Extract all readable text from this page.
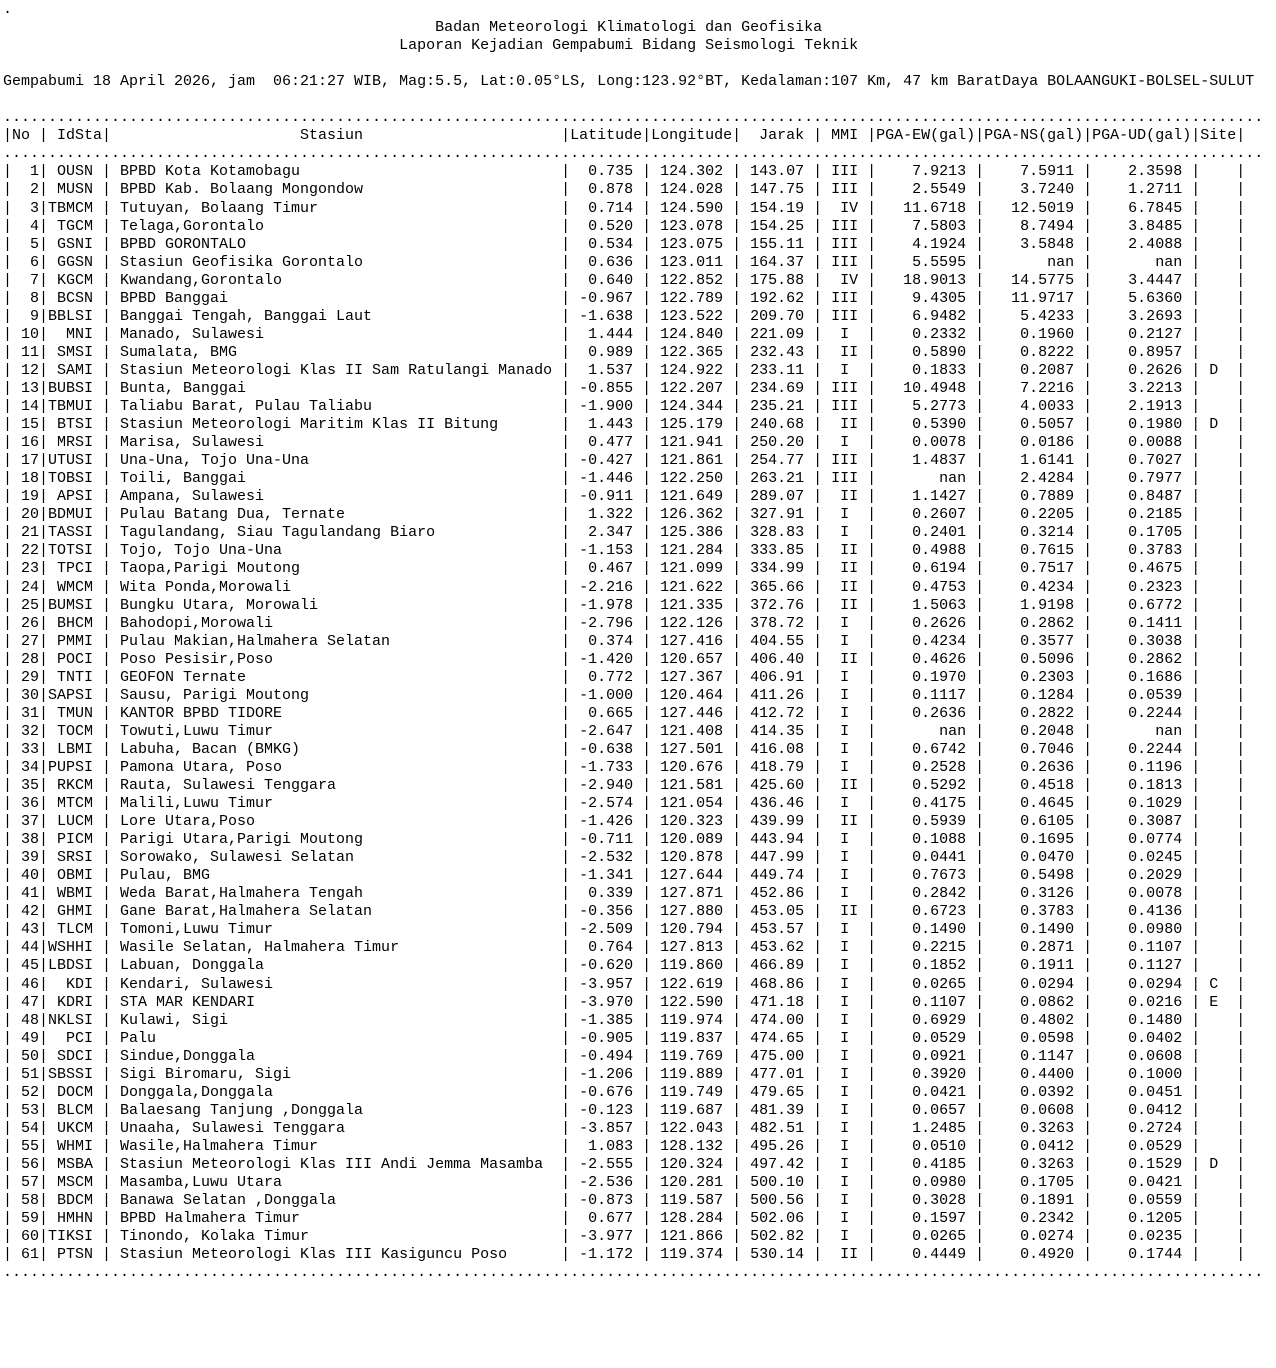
.
Badan Meteorologi Klimatologi dan Geofisika
Laporan Kejadian Gempabumi Bidang Seismologi Teknik
Gempabumi 18 April 2026, jam  06:21:27 WIB, Mag:5.5, Lat:0.05°LS, Long:123.92°BT, Kedalaman:107 Km, 47 km BaratDaya BOLAANGUKI-BOLSEL-SULUT
............................................................................................................................................
|No | IdSta|                     Stasiun                      |Latitude|Longitude|  Jarak | MMI |PGA-EW(gal)|PGA-NS(gal)|PGA-UD(gal)|Site|
............................................................................................................................................
|  1| OUSN | BPBD Kota Kotamobagu                             |  0.735 | 124.302 | 143.07 | III |    7.9213 |    7.5911 |    2.3598 |    |
|  2| MUSN | BPBD Kab. Bolaang Mongondow                      |  0.878 | 124.028 | 147.75 | III |    2.5549 |    3.7240 |    1.2711 |    |
|  3|TBMCM | Tutuyan, Bolaang Timur                           |  0.714 | 124.590 | 154.19 |  IV |   11.6718 |   12.5019 |    6.7845 |    |
|  4| TGCM | Telaga,Gorontalo                                 |  0.520 | 123.078 | 154.25 | III |    7.5803 |    8.7494 |    3.8485 |    |
|  5| GSNI | BPBD GORONTALO                                   |  0.534 | 123.075 | 155.11 | III |    4.1924 |    3.5848 |    2.4088 |    |
|  6| GGSN | Stasiun Geofisika Gorontalo                      |  0.636 | 123.011 | 164.37 | III |    5.5595 |       nan |       nan |    |
|  7| KGCM | Kwandang,Gorontalo                               |  0.640 | 122.852 | 175.88 |  IV |   18.9013 |   14.5775 |    3.4447 |    |
|  8| BCSN | BPBD Banggai                                     | -0.967 | 122.789 | 192.62 | III |    9.4305 |   11.9717 |    5.6360 |    |
|  9|BBLSI | Banggai Tengah, Banggai Laut                     | -1.638 | 123.522 | 209.70 | III |    6.9482 |    5.4233 |    3.2693 |    |
| 10|  MNI | Manado, Sulawesi                                 |  1.444 | 124.840 | 221.09 |  I  |    0.2332 |    0.1960 |    0.2127 |    |
| 11| SMSI | Sumalata, BMG                                    |  0.989 | 122.365 | 232.43 |  II |    0.5890 |    0.8222 |    0.8957 |    |
| 12| SAMI | Stasiun Meteorologi Klas II Sam Ratulangi Manado |  1.537 | 124.922 | 233.11 |  I  |    0.1833 |    0.2087 |    0.2626 | D  |
| 13|BUBSI | Bunta, Banggai                                   | -0.855 | 122.207 | 234.69 | III |   10.4948 |    7.2216 |    3.2213 |    |
| 14|TBMUI | Taliabu Barat, Pulau Taliabu                     | -1.900 | 124.344 | 235.21 | III |    5.2773 |    4.0033 |    2.1913 |    |
| 15| BTSI | Stasiun Meteorologi Maritim Klas II Bitung       |  1.443 | 125.179 | 240.68 |  II |    0.5390 |    0.5057 |    0.1980 | D  |
| 16| MRSI | Marisa, Sulawesi                                 |  0.477 | 121.941 | 250.20 |  I  |    0.0078 |    0.0186 |    0.0088 |    |
| 17|UTUSI | Una-Una, Tojo Una-Una                            | -0.427 | 121.861 | 254.77 | III |    1.4837 |    1.6141 |    0.7027 |    |
| 18|TOBSI | Toili, Banggai                                   | -1.446 | 122.250 | 263.21 | III |       nan |    2.4284 |    0.7977 |    |
| 19| APSI | Ampana, Sulawesi                                 | -0.911 | 121.649 | 289.07 |  II |    1.1427 |    0.7889 |    0.8487 |    |
| 20|BDMUI | Pulau Batang Dua, Ternate                        |  1.322 | 126.362 | 327.91 |  I  |    0.2607 |    0.2205 |    0.2185 |    |
| 21|TASSI | Tagulandang, Siau Tagulandang Biaro              |  2.347 | 125.386 | 328.83 |  I  |    0.2401 |    0.3214 |    0.1705 |    |
| 22|TOTSI | Tojo, Tojo Una-Una                               | -1.153 | 121.284 | 333.85 |  II |    0.4988 |    0.7615 |    0.3783 |    |
| 23| TPCI | Taopa,Parigi Moutong                             |  0.467 | 121.099 | 334.99 |  II |    0.6194 |    0.7517 |    0.4675 |    |
| 24| WMCM | Wita Ponda,Morowali                              | -2.216 | 121.622 | 365.66 |  II |    0.4753 |    0.4234 |    0.2323 |    |
| 25|BUMSI | Bungku Utara, Morowali                           | -1.978 | 121.335 | 372.76 |  II |    1.5063 |    1.9198 |    0.6772 |    |
| 26| BHCM | Bahodopi,Morowali                                | -2.796 | 122.126 | 378.72 |  I  |    0.2626 |    0.2862 |    0.1411 |    |
| 27| PMMI | Pulau Makian,Halmahera Selatan                   |  0.374 | 127.416 | 404.55 |  I  |    0.4234 |    0.3577 |    0.3038 |    |
| 28| POCI | Poso Pesisir,Poso                                | -1.420 | 120.657 | 406.40 |  II |    0.4626 |    0.5096 |    0.2862 |    |
| 29| TNTI | GEOFON Ternate                                   |  0.772 | 127.367 | 406.91 |  I  |    0.1970 |    0.2303 |    0.1686 |    |
| 30|SAPSI | Sausu, Parigi Moutong                            | -1.000 | 120.464 | 411.26 |  I  |    0.1117 |    0.1284 |    0.0539 |    |
| 31| TMUN | KANTOR BPBD TIDORE                               |  0.665 | 127.446 | 412.72 |  I  |    0.2636 |    0.2822 |    0.2244 |    |
| 32| TOCM | Towuti,Luwu Timur                                | -2.647 | 121.408 | 414.35 |  I  |       nan |    0.2048 |       nan |    |
| 33| LBMI | Labuha, Bacan (BMKG)                             | -0.638 | 127.501 | 416.08 |  I  |    0.6742 |    0.7046 |    0.2244 |    |
| 34|PUPSI | Pamona Utara, Poso                               | -1.733 | 120.676 | 418.79 |  I  |    0.2528 |    0.2636 |    0.1196 |    |
| 35| RKCM | Rauta, Sulawesi Tenggara                         | -2.940 | 121.581 | 425.60 |  II |    0.5292 |    0.4518 |    0.1813 |    |
| 36| MTCM | Malili,Luwu Timur                                | -2.574 | 121.054 | 436.46 |  I  |    0.4175 |    0.4645 |    0.1029 |    |
| 37| LUCM | Lore Utara,Poso                                  | -1.426 | 120.323 | 439.99 |  II |    0.5939 |    0.6105 |    0.3087 |    |
| 38| PICM | Parigi Utara,Parigi Moutong                      | -0.711 | 120.089 | 443.94 |  I  |    0.1088 |    0.1695 |    0.0774 |    |
| 39| SRSI | Sorowako, Sulawesi Selatan                       | -2.532 | 120.878 | 447.99 |  I  |    0.0441 |    0.0470 |    0.0245 |    |
| 40| OBMI | Pulau, BMG                                       | -1.341 | 127.644 | 449.74 |  I  |    0.7673 |    0.5498 |    0.2029 |    |
| 41| WBMI | Weda Barat,Halmahera Tengah                      |  0.339 | 127.871 | 452.86 |  I  |    0.2842 |    0.3126 |    0.0078 |    |
| 42| GHMI | Gane Barat,Halmahera Selatan                     | -0.356 | 127.880 | 453.05 |  II |    0.6723 |    0.3783 |    0.4136 |    |
| 43| TLCM | Tomoni,Luwu Timur                                | -2.509 | 120.794 | 453.57 |  I  |    0.1490 |    0.1490 |    0.0980 |    |
| 44|WSHHI | Wasile Selatan, Halmahera Timur                  |  0.764 | 127.813 | 453.62 |  I  |    0.2215 |    0.2871 |    0.1107 |    |
| 45|LBDSI | Labuan, Donggala                                 | -0.620 | 119.860 | 466.89 |  I  |    0.1852 |    0.1911 |    0.1127 |    |
| 46|  KDI | Kendari, Sulawesi                                | -3.957 | 122.619 | 468.86 |  I  |    0.0265 |    0.0294 |    0.0294 | C  |
| 47| KDRI | STA MAR KENDARI                                  | -3.970 | 122.590 | 471.18 |  I  |    0.1107 |    0.0862 |    0.0216 | E  |
| 48|NKLSI | Kulawi, Sigi                                     | -1.385 | 119.974 | 474.00 |  I  |    0.6929 |    0.4802 |    0.1480 |    |
| 49|  PCI | Palu                                             | -0.905 | 119.837 | 474.65 |  I  |    0.0529 |    0.0598 |    0.0402 |    |
| 50| SDCI | Sindue,Donggala                                  | -0.494 | 119.769 | 475.00 |  I  |    0.0921 |    0.1147 |    0.0608 |    |
| 51|SBSSI | Sigi Biromaru, Sigi                              | -1.206 | 119.889 | 477.01 |  I  |    0.3920 |    0.4400 |    0.1000 |    |
| 52| DOCM | Donggala,Donggala                                | -0.676 | 119.749 | 479.65 |  I  |    0.0421 |    0.0392 |    0.0451 |    |
| 53| BLCM | Balaesang Tanjung ,Donggala                      | -0.123 | 119.687 | 481.39 |  I  |    0.0657 |    0.0608 |    0.0412 |    |
| 54| UKCM | Unaaha, Sulawesi Tenggara                        | -3.857 | 122.043 | 482.51 |  I  |    1.2485 |    0.3263 |    0.2724 |    |
| 55| WHMI | Wasile,Halmahera Timur                           |  1.083 | 128.132 | 495.26 |  I  |    0.0510 |    0.0412 |    0.0529 |    |
| 56| MSBA | Stasiun Meteorologi Klas III Andi Jemma Masamba  | -2.555 | 120.324 | 497.42 |  I  |    0.4185 |    0.3263 |    0.1529 | D  |
| 57| MSCM | Masamba,Luwu Utara                               | -2.536 | 120.281 | 500.10 |  I  |    0.0980 |    0.1705 |    0.0421 |    |
| 58| BDCM | Banawa Selatan ,Donggala                         | -0.873 | 119.587 | 500.56 |  I  |    0.3028 |    0.1891 |    0.0559 |    |
| 59| HMHN | BPBD Halmahera Timur                             |  0.677 | 128.284 | 502.06 |  I  |    0.1597 |    0.2342 |    0.1205 |    |
| 60|TIKSI | Tinondo, Kolaka Timur                            | -3.977 | 121.866 | 502.82 |  I  |    0.0265 |    0.0274 |    0.0235 |    |
| 61| PTSN | Stasiun Meteorologi Klas III Kasiguncu Poso      | -1.172 | 119.374 | 530.14 |  II |    0.4449 |    0.4920 |    0.1744 |    |
............................................................................................................................................
